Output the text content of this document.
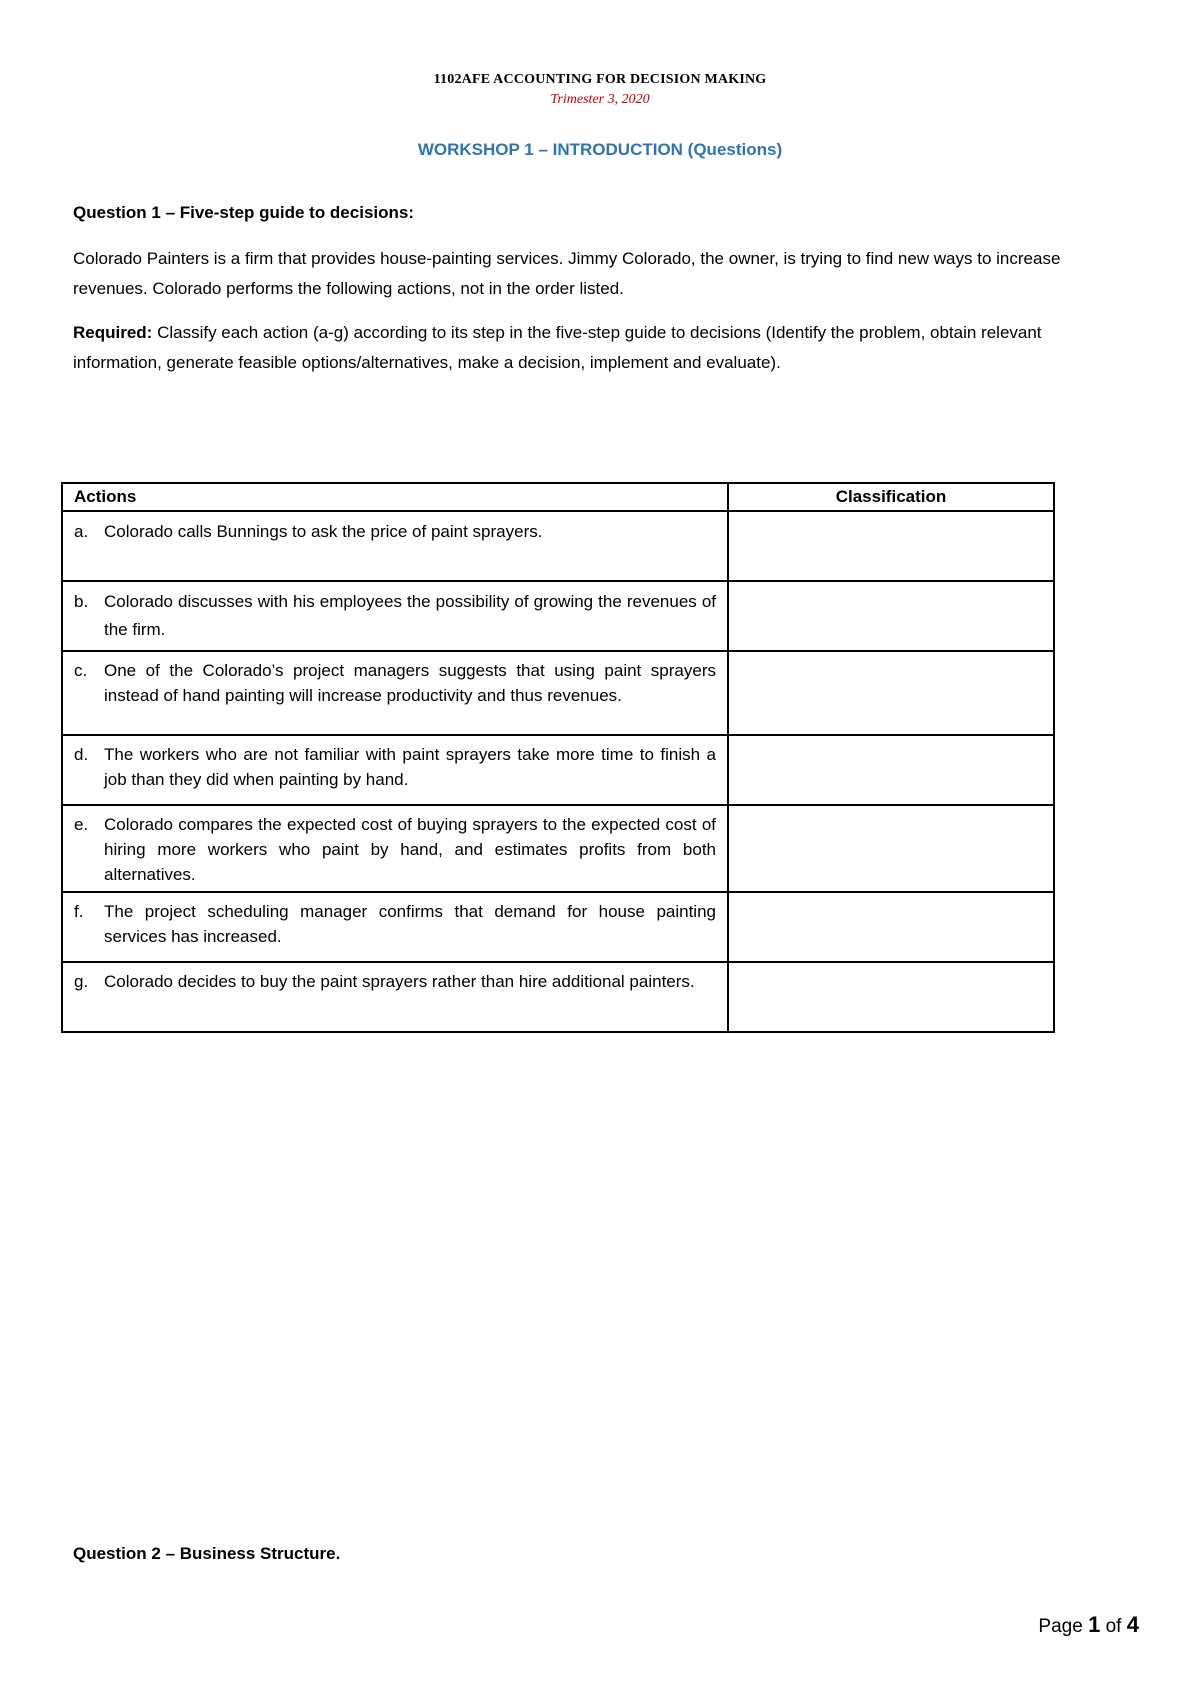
1102AFE ACCOUNTING FOR DECISION MAKING
Trimester 3, 2020
WORKSHOP 1 – INTRODUCTION (Questions)
Question 1 – Five-step guide to decisions:
Colorado Painters is a firm that provides house-painting services. Jimmy Colorado, the owner, is trying to find new ways to increase revenues. Colorado performs the following actions, not in the order listed.
Required: Classify each action (a-g) according to its step in the five-step guide to decisions (Identify the problem, obtain relevant information, generate feasible options/alternatives, make a decision, implement and evaluate).
Actions	Classification

a. Colorado calls Bunnings to ask the price of paint sprayers.	

b. Colorado discusses with his employees the possibility of growing the revenues of the firm.	

c. One of the Colorado’s project managers suggests that using paint sprayers instead of hand painting will increase productivity and thus revenues.	

d. The workers who are not familiar with paint sprayers take more time to finish a job than they did when painting by hand.	

e. Colorado compares the expected cost of buying sprayers to the expected cost of hiring more workers who paint by hand, and estimates profits from both alternatives.	

f. The project scheduling manager confirms that demand for house painting services has increased.	

g. Colorado decides to buy the paint sprayers rather than hire additional painters.	

Question 2 – Business Structure.
Page 1 of 4
